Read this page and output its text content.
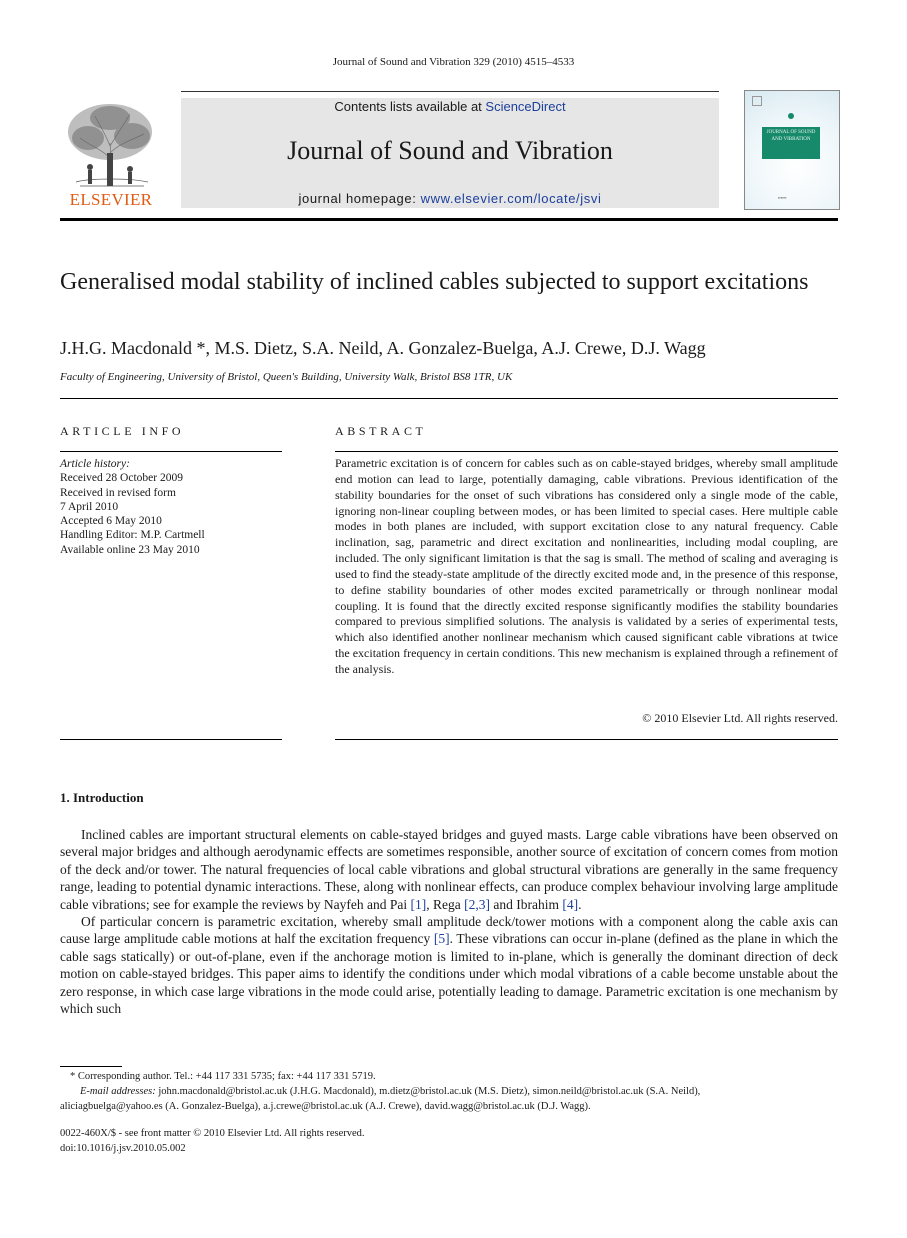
Journal of Sound and Vibration 329 (2010) 4515–4533
ELSEVIER
Contents lists available at ScienceDirect
Journal of Sound and Vibration
journal homepage: www.elsevier.com/locate/jsvi
JOURNAL OF SOUND AND VIBRATION
▪▪▪▪▪▪
Generalised modal stability of inclined cables subjected to support excitations
J.H.G. Macdonald *, M.S. Dietz, S.A. Neild, A. Gonzalez-Buelga, A.J. Crewe, D.J. Wagg
Faculty of Engineering, University of Bristol, Queen's Building, University Walk, Bristol BS8 1TR, UK
ARTICLE INFO
Article history:
Received 28 October 2009
Received in revised form
7 April 2010
Accepted 6 May 2010
Handling Editor: M.P. Cartmell
Available online 23 May 2010
ABSTRACT
Parametric excitation is of concern for cables such as on cable-stayed bridges, whereby small amplitude end motion can lead to large, potentially damaging, cable vibrations. Previous identification of the stability boundaries for the onset of such vibrations has considered only a single mode of the cable, ignoring non-linear coupling between modes, or has been limited to special cases. Here multiple cable modes in both planes are included, with support excitation close to any natural frequency. Cable inclination, sag, parametric and direct excitation and nonlinearities, including modal coupling, are included. The only significant limitation is that the sag is small. The method of scaling and averaging is used to find the steady-state amplitude of the directly excited mode and, in the presence of this response, to define stability boundaries of other modes excited parametrically or through nonlinear modal coupling. It is found that the directly excited response significantly modifies the stability boundaries compared to previous simplified solutions. The analysis is validated by a series of experimental tests, which also identified another nonlinear mechanism which caused significant cable vibrations at twice the excitation frequency in certain conditions. This new mechanism is explained through a refinement of the analysis.
© 2010 Elsevier Ltd. All rights reserved.
1. Introduction

Inclined cables are important structural elements on cable-stayed bridges and guyed masts. Large cable vibrations have been observed on several major bridges and although aerodynamic effects are sometimes responsible, another source of excitation of concern comes from motion of the deck and/or tower. The natural frequencies of local cable vibrations and global structural vibrations are generally in the same frequency range, leading to potential dynamic interactions. These, along with nonlinear effects, can produce complex behaviour involving large amplitude cable vibrations; see for example the reviews by Nayfeh and Pai [1], Rega [2,3] and Ibrahim [4].

Of particular concern is parametric excitation, whereby small amplitude deck/tower motions with a component along the cable axis can cause large amplitude cable motions at half the excitation frequency [5]. These vibrations can occur in-plane (defined as the plane in which the cable sags statically) or out-of-plane, even if the anchorage motion is limited to in-plane, which is generally the dominant direction of deck motion on cable-stayed bridges. This paper aims to identify the conditions under which modal vibrations of a cable become unstable about the zero response, in which case large vibrations in the mode could arise, potentially leading to damage. Parametric excitation is one mechanism by which such

* Corresponding author. Tel.: +44 117 331 5735; fax: +44 117 331 5719.
E-mail addresses: john.macdonald@bristol.ac.uk (J.H.G. Macdonald), m.dietz@bristol.ac.uk (M.S. Dietz), simon.neild@bristol.ac.uk (S.A. Neild),
aliciagbuelga@yahoo.es (A. Gonzalez-Buelga), a.j.crewe@bristol.ac.uk (A.J. Crewe), david.wagg@bristol.ac.uk (D.J. Wagg).
0022-460X/$ - see front matter © 2010 Elsevier Ltd. All rights reserved.
doi:10.1016/j.jsv.2010.05.002
